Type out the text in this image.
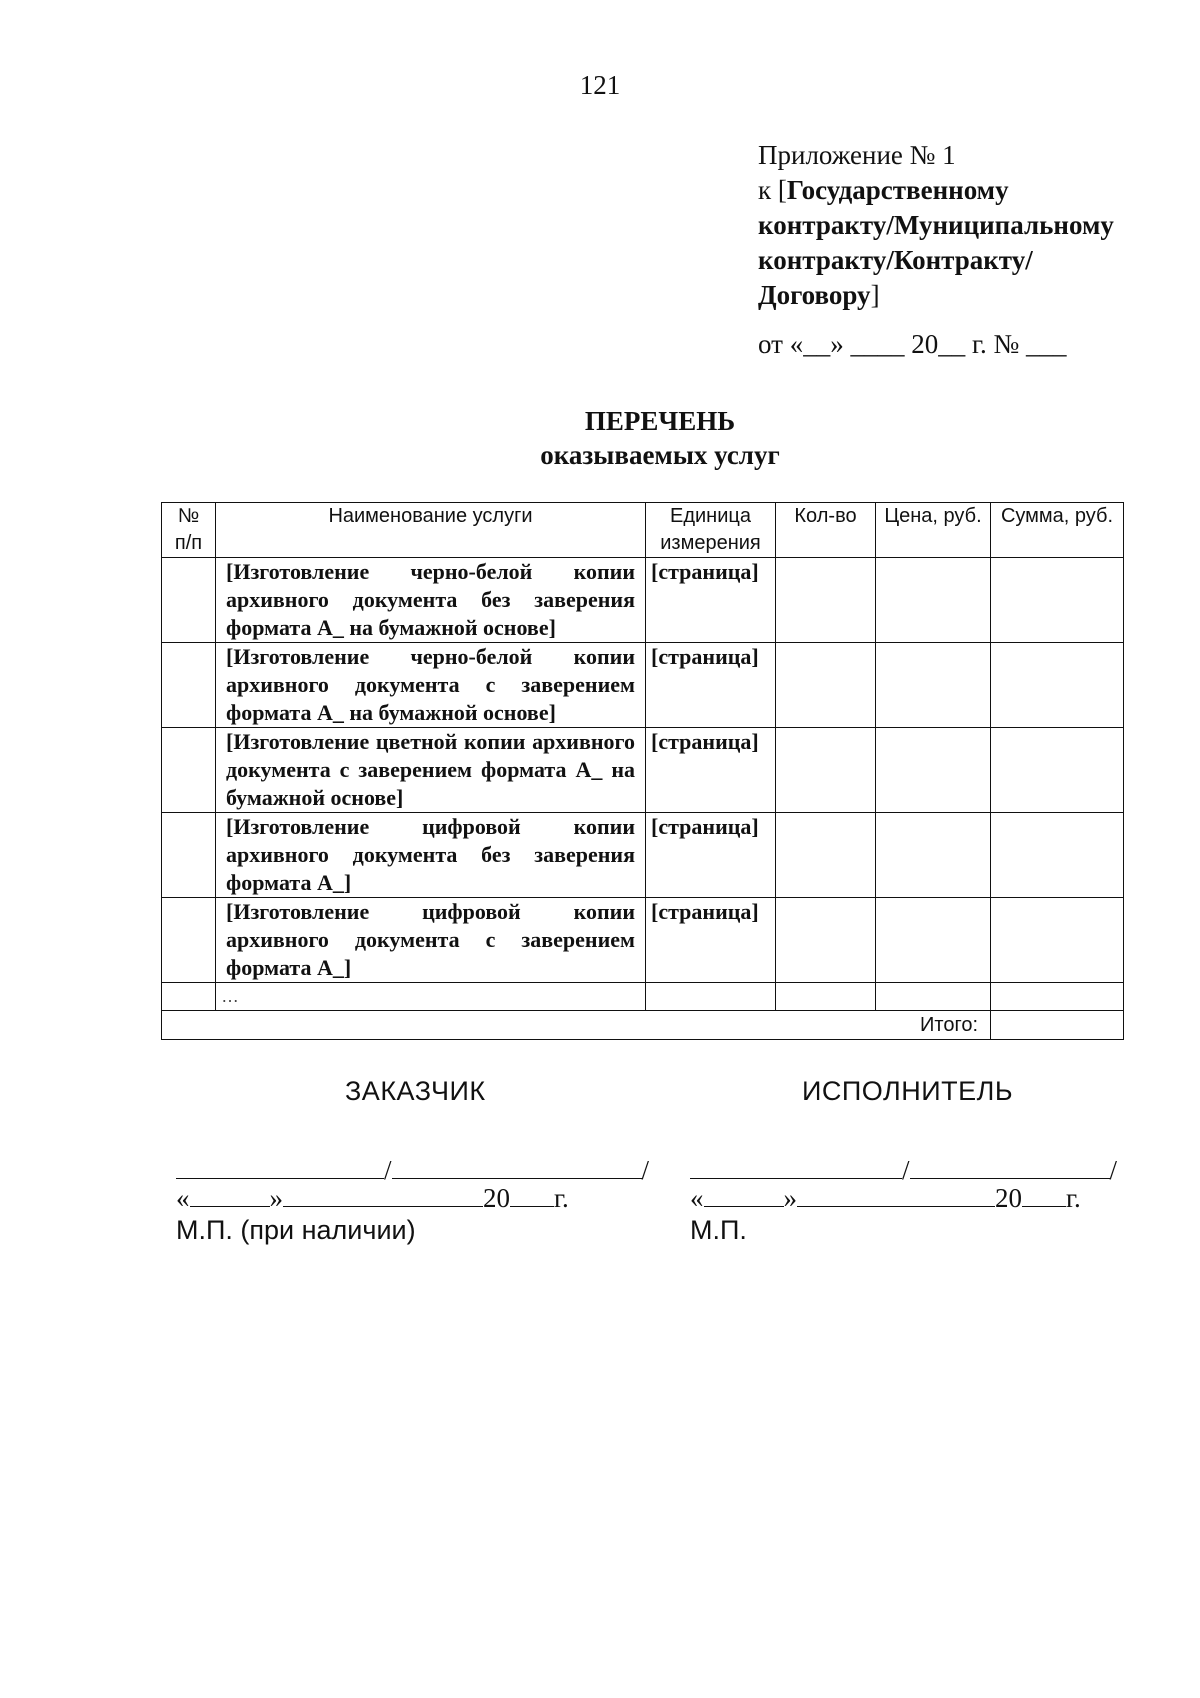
121
Приложение № 1
к [Государственному
контракту/Муниципальному
контракту/Контракту/
Договору]
от «__» ____ 20__ г. № ___
ПЕРЕЧЕНЬ
оказываемых услуг
№ п/п	Наименование услуги	Единица измерения	Кол-во	Цена, руб.	Сумма, руб.
	[Изготовление черно-белой копии архивного документа без заверения формата А_ на бумажной основе]	[страница]			
	[Изготовление черно-белой копии архивного документа с заверением формата А_ на бумажной основе]	[страница]			
	[Изготовление цветной копии архивного документа с заверением формата А_ на бумажной основе]	[страница]			
	[Изготовление цифровой копии архивного документа без заверения формата А_]	[страница]			
	[Изготовление цифровой копии архивного документа с заверением формата А_]	[страница]			
	…				
Итого:					
ЗАКАЗЧИК
/	/
«	»	20 г.
М.П. (при наличии)
ИСПОЛНИТЕЛЬ
/	/
«	»	20 г.
М.П.
